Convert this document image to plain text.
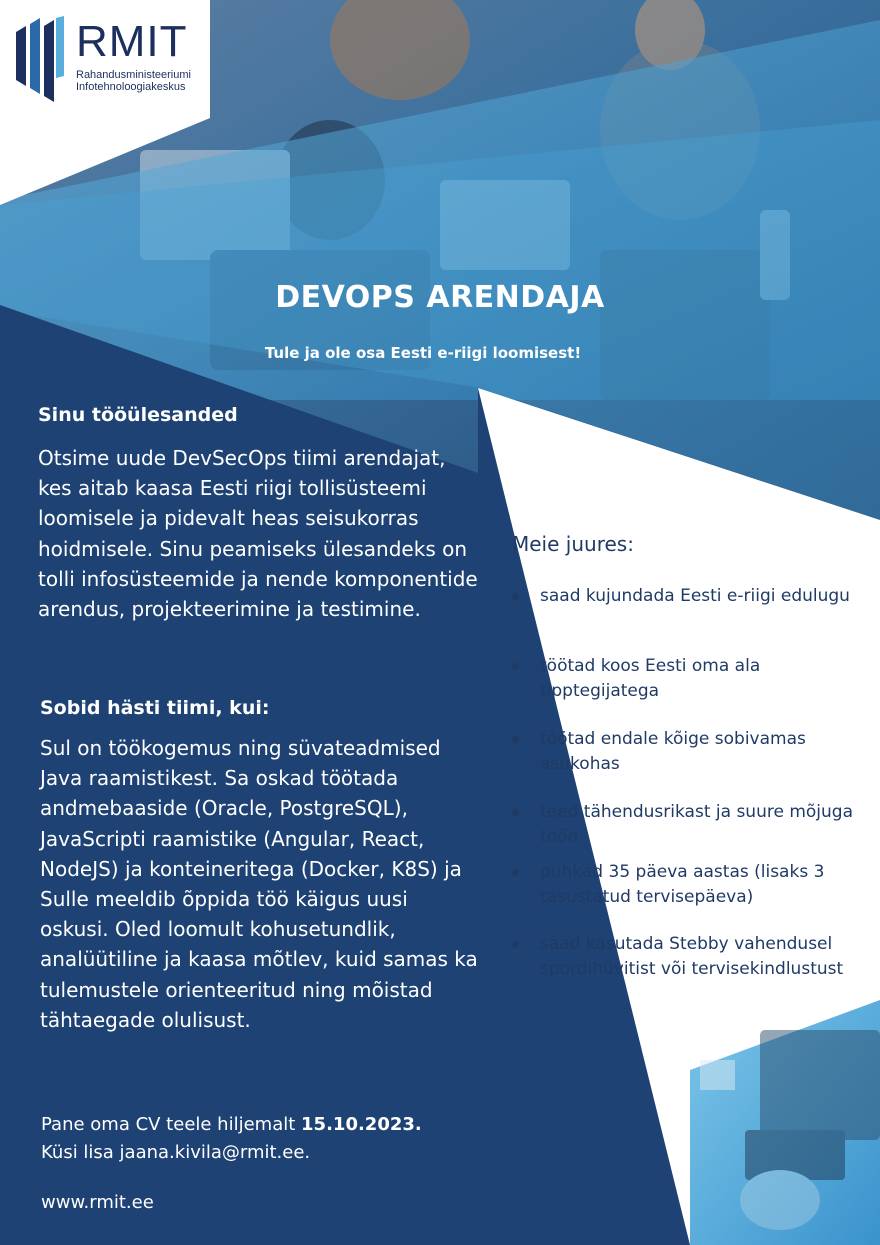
RMIT
Rahandusministeeriumi
Infotehnoloogiakeskus
DEVOPS ARENDAJA
Tule ja ole osa Eesti e-riigi loomisest!
Sinu tööülesanded

Otsime uude DevSecOps tiimi arendajat, kes aitab kaasa Eesti riigi tollisüsteemi loomisele ja pidevalt heas seisukorras hoidmisele. Sinu peamiseks ülesandeks on tolli infosüsteemide ja nende komponentide arendus, projekteerimine ja testimine.

Sobid hästi tiimi, kui:

Sul on töökogemus ning süvateadmised Java raamistikest. Sa oskad töötada andmebaaside (Oracle, PostgreSQL), JavaScripti raamistike (Angular, React, NodeJS) ja konteineritega (Docker, K8S) ja Sulle meeldib õppida töö käigus uusi oskusi. Oled loomult kohusetundlik, analüütiline ja kaasa mõtlev, kuid samas ka tulemustele orienteeritud ning mõistad tähtaegade olulisust.

Pane oma CV teele hiljemalt 15.10.2023.
Küsi lisa jaana.kivila@rmit.ee.
www.rmit.ee
Meie juures:
saad kujundada Eesti e-riigi edulugu
töötad koos Eesti oma ala tipptegijatega
töötad endale kõige sobivamas asukohas
teed tähendusrikast ja suure mõjuga tööd
puhkad 35 päeva aastas (lisaks 3 tasustatud tervisepäeva)
saad kasutada Stebby vahendusel spordihüvitist või tervisekindlustust
